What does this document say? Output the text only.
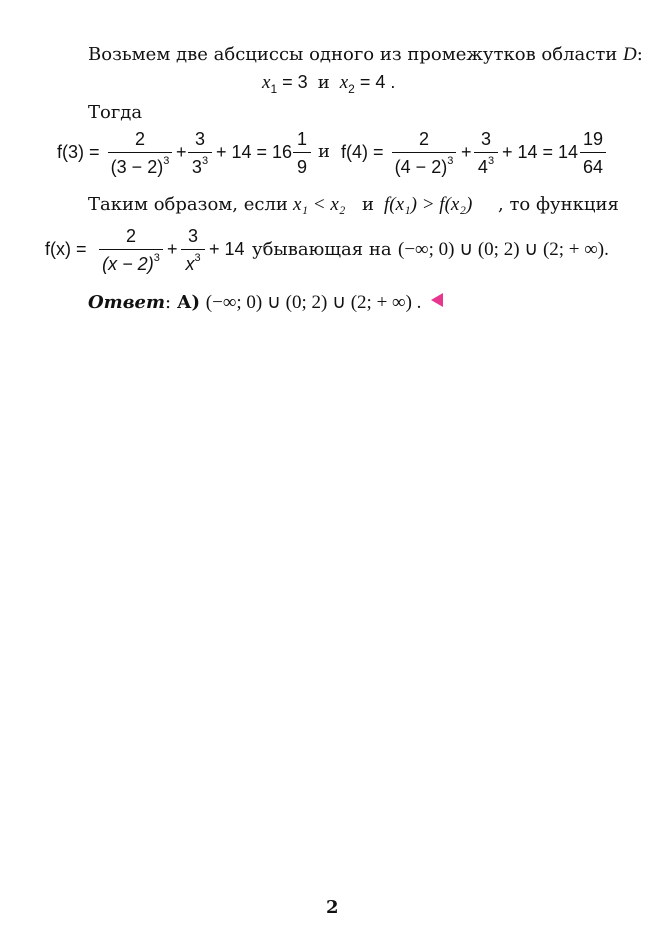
Возьмем две абсциссы одного из промежутков области D:
$x_1 = 3$ и $x_2 = 4$ .
Тогда
f(3) =
2
$(3 - 2)^3$ +
3
$3^3 + 14 = 16$
1
9
и f(4) =
2
$(4 - 2)^3$ +
3
$4^3 + 14 = 14$
19
64
Таким образом, если x₁ < x₂ и f(x₁) > f(x₂) , то функция
f(x) =
2
$(x - 2)^3$ +
3
$x^3 + 14$ убывающая на (−∞; 0) ∪ (0; 2) ∪ (2; + ∞).
Ответ: А) (−∞; 0) ∪ (0; 2) ∪ (2; + ∞) .
2
